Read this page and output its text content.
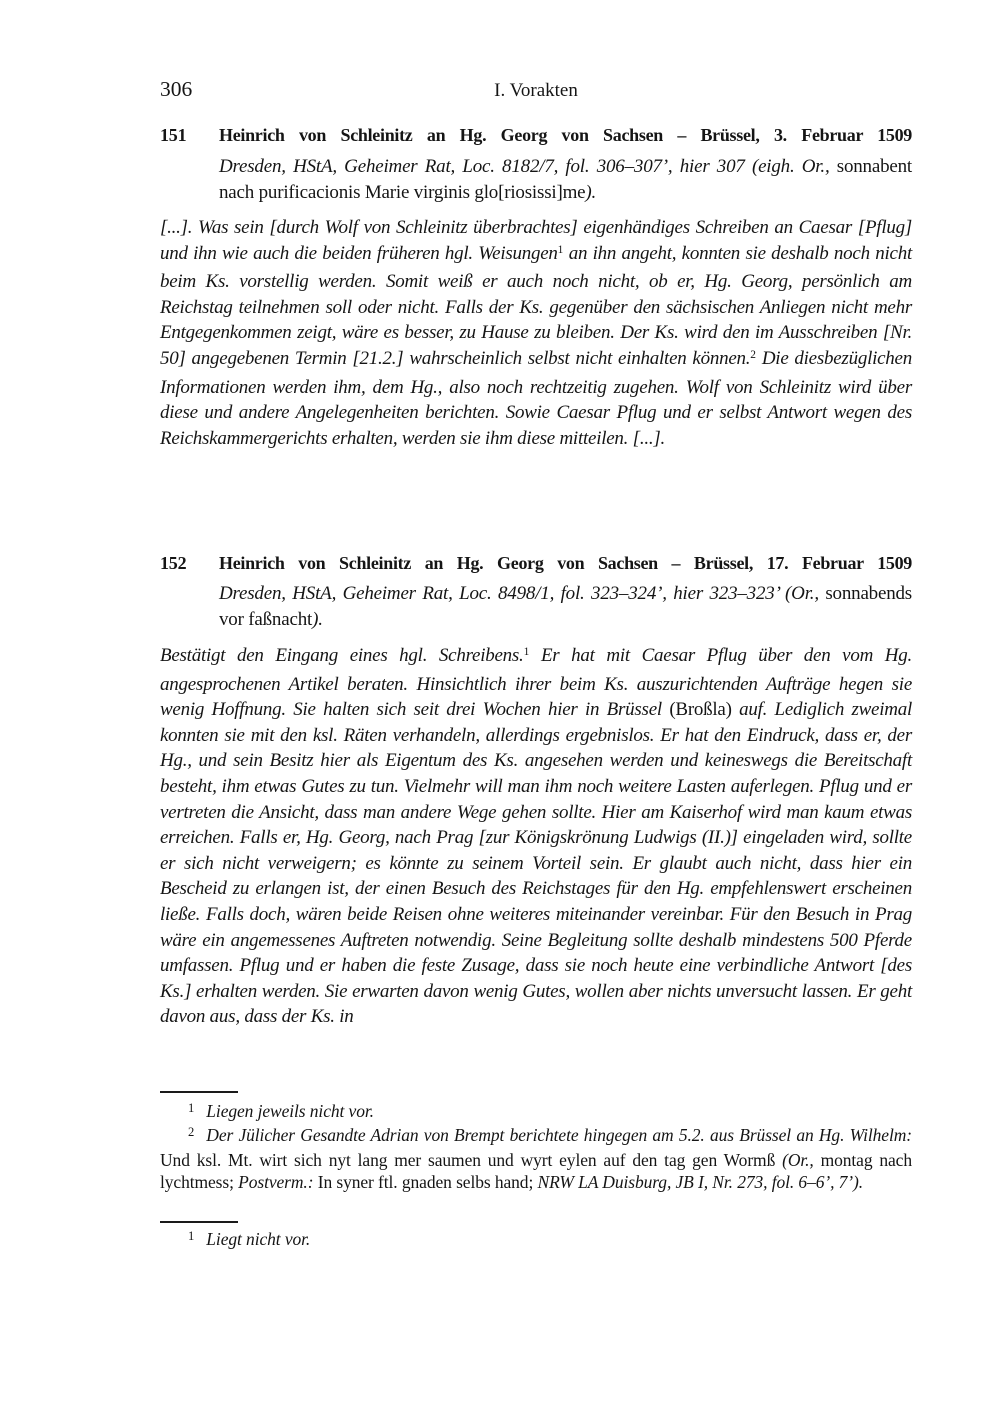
306	I. Vorakten
151	Heinrich von Schleinitz an Hg. Georg von Sachsen – Brüssel, 3. Februar 1509

Dresden, HStA, Geheimer Rat, Loc. 8182/7, fol. 306–307’, hier 307 (eigh. Or., sonnabent nach purificacionis Marie virginis glo[riosissi]me).

[...]. Was sein [durch Wolf von Schleinitz überbrachtes] eigenhändiges Schreiben an Caesar [Pflug] und ihn wie auch die beiden früheren hgl. Weisungen$^1$ an ihn angeht, konnten sie deshalb noch nicht beim Ks. vorstellig werden. Somit weiß er auch noch nicht, ob er, Hg. Georg, persönlich am Reichstag teilnehmen soll oder nicht. Falls der Ks. gegenüber den sächsischen Anliegen nicht mehr Entgegenkommen zeigt, wäre es besser, zu Hause zu bleiben. Der Ks. wird den im Ausschreiben [Nr. 50] angegebenen Termin [21.2.] wahrscheinlich selbst nicht einhalten können.$^2$ Die diesbezüglichen Informationen werden ihm, dem Hg., also noch rechtzeitig zugehen. Wolf von Schleinitz wird über diese und andere Angelegenheiten berichten. Sowie Caesar Pflug und er selbst Antwort wegen des Reichskammergerichts erhalten, werden sie ihm diese mitteilen. [...].

152	Heinrich von Schleinitz an Hg. Georg von Sachsen – Brüssel, 17. Februar 1509

Dresden, HStA, Geheimer Rat, Loc. 8498/1, fol. 323–324’, hier 323–323’ (Or., sonnabends vor faßnacht).

Bestätigt den Eingang eines hgl. Schreibens.$^1$ Er hat mit Caesar Pflug über den vom Hg. angesprochenen Artikel beraten. Hinsichtlich ihrer beim Ks. auszurichtenden Aufträge hegen sie wenig Hoffnung. Sie halten sich seit drei Wochen hier in Brüssel (Broßla) auf. Lediglich zweimal konnten sie mit den ksl. Räten verhandeln, allerdings ergebnislos. Er hat den Eindruck, dass er, der Hg., und sein Besitz hier als Eigentum des Ks. angesehen werden und keineswegs die Bereitschaft besteht, ihm etwas Gutes zu tun. Vielmehr will man ihm noch weitere Lasten auferlegen. Pflug und er vertreten die Ansicht, dass man andere Wege gehen sollte. Hier am Kaiserhof wird man kaum etwas erreichen. Falls er, Hg. Georg, nach Prag [zur Königskrönung Ludwigs (II.)] eingeladen wird, sollte er sich nicht verweigern; es könnte zu seinem Vorteil sein. Er glaubt auch nicht, dass hier ein Bescheid zu erlangen ist, der einen Besuch des Reichstages für den Hg. empfehlenswert erscheinen ließe. Falls doch, wären beide Reisen ohne weiteres miteinander vereinbar. Für den Besuch in Prag wäre ein angemessenes Auftreten notwendig. Seine Begleitung sollte deshalb mindestens 500 Pferde umfassen. Pflug und er haben die feste Zusage, dass sie noch heute eine verbindliche Antwort [des Ks.] erhalten werden. Sie erwarten davon wenig Gutes, wollen aber nichts unversucht lassen. Er geht davon aus, dass der Ks. in

$^1$ Liegen jeweils nicht vor.

$^2$ Der Jülicher Gesandte Adrian von Brempt berichtete hingegen am 5.2. aus Brüssel an Hg. Wilhelm: Und ksl. Mt. wirt sich nyt lang mer saumen und wyrt eylen auf den tag gen Wormß (Or., montag nach lychtmess; Postverm.: In syner ftl. gnaden selbs hand; NRW LA Duisburg, JB I, Nr. 273, fol. 6–6’, 7’).

$^1$ Liegt nicht vor.
